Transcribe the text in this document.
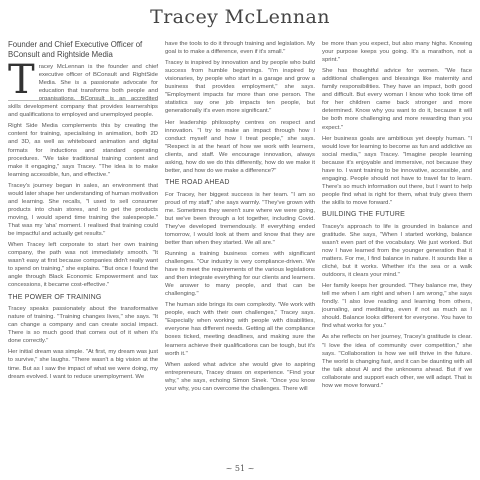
Tracey McLennan
Founder and Chief Executive Officer of
BConsult and Rightside Media

Tracey McLennan is the founder and chief executive officer of BConsult and RightSide Media. She is a passionate advocate for education that transforms both people and organisations. BConsult is an accredited skills development company that provides learnerships and qualifications to employed and unemployed people.

Right Side Media complements this by creating the content for training, specialising in animation, both 2D and 3D, as well as whiteboard animation and digital formats for inductions and standard operating procedures. "We take traditional training content and make it engaging," says Tracey. "The idea is to make learning accessible, fun, and effective."

Tracey's journey began in sales, an environment that would later shape her understanding of human motivation and learning. She recalls, "I used to sell consumer products into chain stores, and to get the products moving, I would spend time training the salespeople." That was my 'aha' moment. I realised that training could be impactful and actually get results."

When Tracey left corporate to start her own training company, the path was not immediately smooth. "It wasn't easy at first because companies didn't really want to spend on training," she explains. "But once I found the angle through Black Economic Empowerment and tax concessions, it became cost-effective."

THE POWER OF TRAINING

Tracey speaks passionately about the transformative nature of training. "Training changes lives," she says. "It can change a company and can create social impact. There is so much good that comes out of it when it's done correctly."

Her initial dream was simple. "At first, my dream was just to survive," she laughs. "There wasn't a big vision at the time. But as I saw the impact of what we were doing, my dream evolved. I want to reduce unemployment. We

have the tools to do it through training and legislation. My goal is to make a difference, even if it's small."

Tracey is inspired by innovation and by people who build success from humble beginnings. "I'm inspired by visionaries, by people who start in a garage and grow a business that provides employment," she says. "Employment impacts far more than one person. The statistics say one job impacts ten people, but generationally it's even more significant."

Her leadership philosophy centres on respect and innovation. "I try to make an impact through how I conduct myself and how I treat people," she says. "Respect is at the heart of how we work with learners, clients, and staff. We encourage innovation, always asking, how do we do this differently, how do we make it better, and how do we make a difference?"

THE ROAD AHEAD

For Tracey, her biggest success is her team. "I am so proud of my staff," she says warmly. "They've grown with me. Sometimes they weren't sure where we were going, but we've been through a lot together, including Covid. They've developed tremendously. If everything ended tomorrow, I would look at them and know that they are better than when they started. We all are."

Running a training business comes with significant challenges. "Our industry is very compliance-driven. We have to meet the requirements of the various legislations and then integrate everything for our clients and learners. We answer to many people, and that can be challenging."

The human side brings its own complexity. "We work with people, each with their own challenges," Tracey says. "Especially when working with people with disabilities, everyone has different needs. Getting all the compliance boxes ticked, meeting deadlines, and making sure the learners achieve their qualifications can be tough, but it's worth it."

When asked what advice she would give to aspiring entrepreneurs, Tracey draws on experience. "Find your why," she says, echoing Simon Sinek. "Once you know your why, you can overcome the challenges. There will

be more than you expect, but also many highs. Knowing your purpose keeps you going. It's a marathon, not a sprint."

She has thoughtful advice for women. "We face additional challenges and blessings like maternity and family responsibilities. They have an impact, both good and difficult. But every woman I know who took time off for her children came back stronger and more determined. Know why you want to do it, because it will be both more challenging and more rewarding than you expect."

Her business goals are ambitious yet deeply human. "I would love for learning to become as fun and addictive as social media," says Tracey. "Imagine people learning because it's enjoyable and immersive, not because they have to. I want training to be innovative, accessible, and engaging. People should not have to travel far to learn. There's so much information out there, but I want to help people find what is right for them, what truly gives them the skills to move forward."

BUILDING THE FUTURE

Tracey's approach to life is grounded in balance and gratitude. She says, "When I started working, balance wasn't even part of the vocabulary. We just worked. But now I have learned from the younger generation that it matters. For me, I find balance in nature. It sounds like a cliché, but it works. Whether it's the sea or a walk outdoors, it clears your mind."

Her family keeps her grounded. "They balance me, they tell me when I am right and when I am wrong," she says fondly. "I also love reading and learning from others, journaling, and meditating, even if not as much as I should. Balance looks different for everyone. You have to find what works for you."

As she reflects on her journey, Tracey's gratitude is clear. "I love the idea of community over competition," she says. "Collaboration is how we will thrive in the future. The world is changing fast, and it can be daunting with all the talk about AI and the unknowns ahead. But if we collaborate and support each other, we will adapt. That is how we move forward."

~ 51 ~
